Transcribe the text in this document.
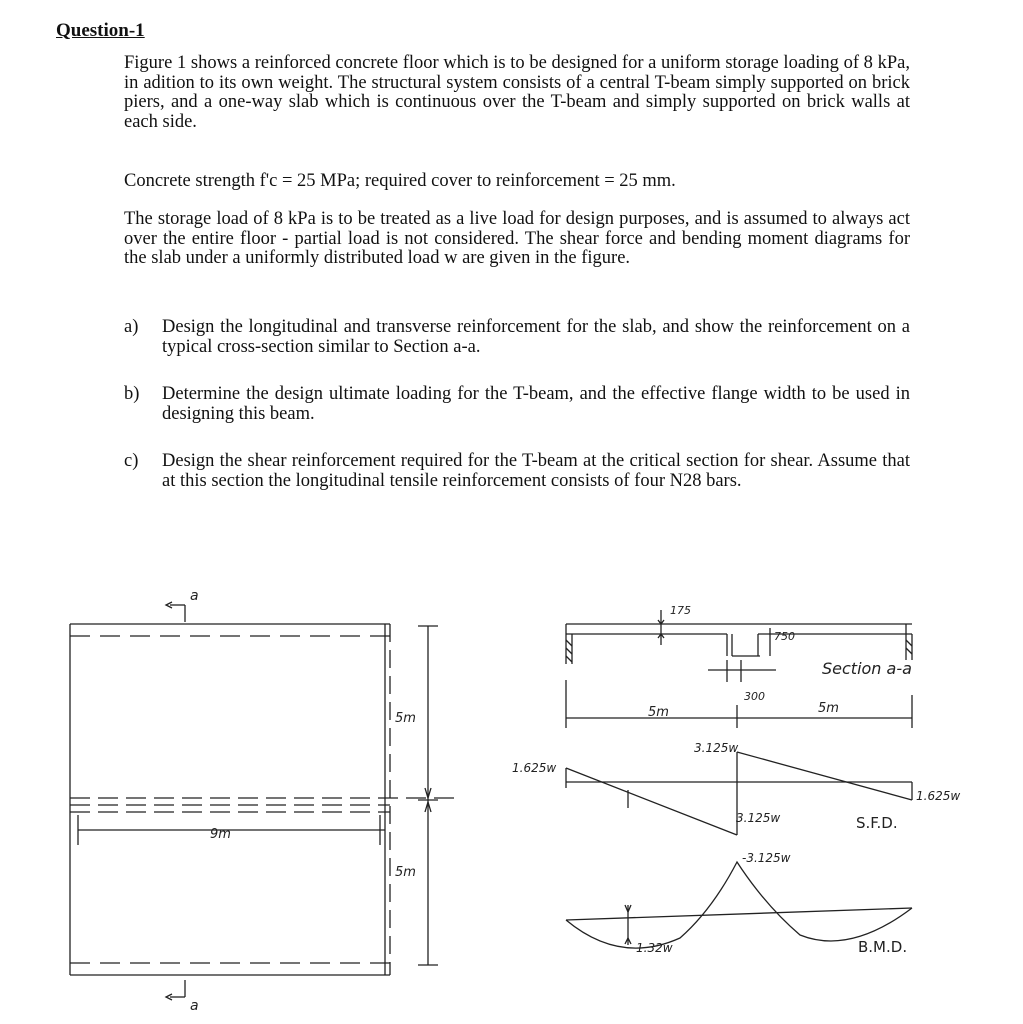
Question-1

Figure 1 shows a reinforced concrete floor which is to be designed for a uniform storage loading of 8 kPa, in adition to its own weight. The structural system consists of a central T-beam simply supported on brick piers, and a one-way slab which is continuous over the T-beam and simply supported on brick walls at each side.

Concrete strength f'c = 25 MPa; required cover to reinforcement = 25 mm.

The storage load of 8 kPa is to be treated as a live load for design purposes, and is assumed to always act over the entire floor - partial load is not considered. The shear force and bending moment diagrams for the slab under a uniformly distributed load w are given in the figure.

a)	Design the longitudinal and transverse reinforcement for the slab, and show the reinforcement on a typical cross-section similar to Section a-a.
b)	Determine the design ultimate loading for the T-beam, and the effective flange width to be used in designing this beam.
c)	Design the shear reinforcement required for the T-beam at the critical section for shear. Assume that at this section the longitudinal tensile reinforcement consists of four N28 bars.
a
a
5m
5m
9m
175
750
300
Section a-a
5m	5m
1.625w
3.125w
3.125w
1.625w
S.F.D.
-3.125w
1.32w	B.M.D.
